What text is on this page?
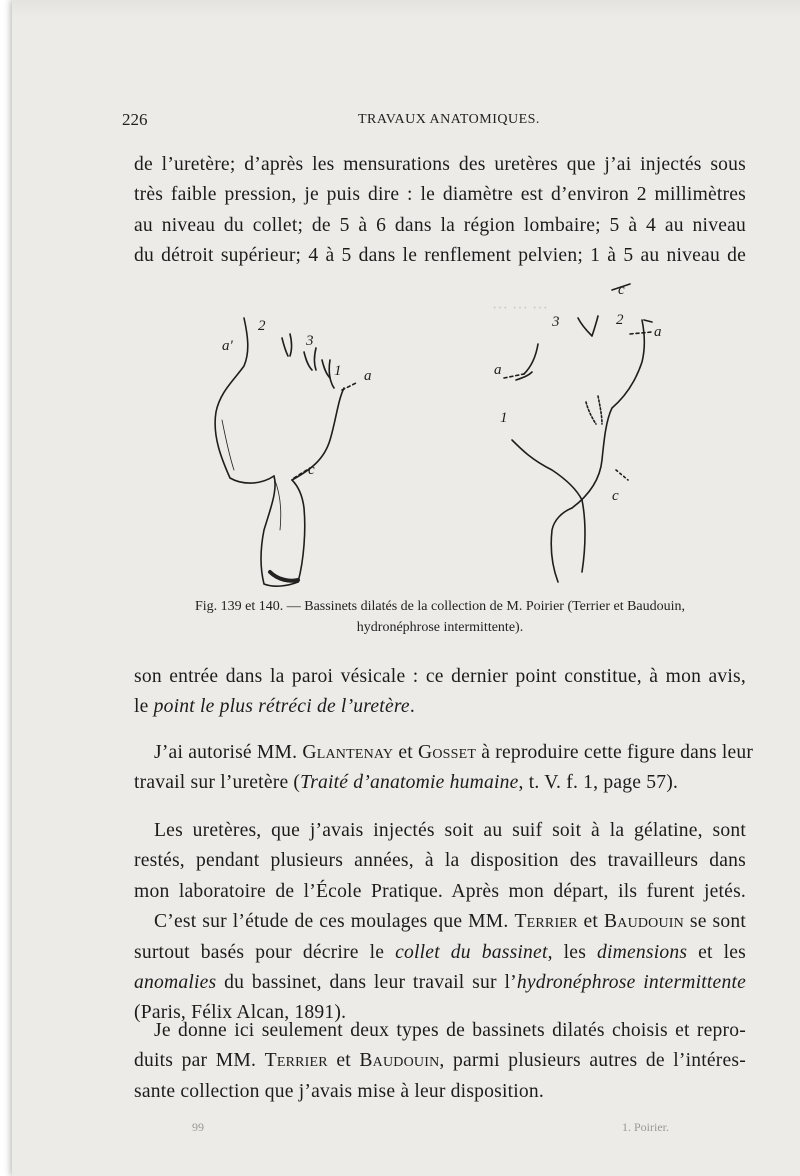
··· ··· ···
226	TRAVAUX ANATOMIQUES.
de l’uretère; d’après les mensurations des uretères que j’ai injectés sous
très faible pression, je puis dire : le diamètre est d’environ 2 millimètres
au niveau du collet; de 5 à 6 dans la région lombaire; 5 à 4 au niveau
du détroit supérieur; 4 à 5 dans le renflement pelvien; 1 à 5 au niveau de
a'
2
3
1 a
c
3	2
a
a
1
c
c
Fig. 139 et 140. — Bassinets dilatés de la collection de M. Poirier (Terrier et Baudouin,
hydronéphrose intermittente).
son entrée dans la paroi vésicale : ce dernier point constitue, à mon avis,
le point le plus rétréci de l’uretère.
J’ai autorisé MM. Glantenay et Gosset à reproduire cette figure dans leur
travail sur l’uretère (Traité d’anatomie humaine, t. V. f. 1, page 57).
Les uretères, que j’avais injectés soit au suif soit à la gélatine, sont
restés, pendant plusieurs années, à la disposition des travailleurs dans
mon laboratoire de l’École Pratique. Après mon départ, ils furent jetés.
C’est sur l’étude de ces moulages que MM. Terrier et Baudouin se sont
surtout basés pour décrire le collet du bassinet, les dimensions et les
anomalies du bassinet, dans leur travail sur l’hydronéphrose intermittente
(Paris, Félix Alcan, 1891).
Je donne ici seulement deux types de bassinets dilatés choisis et repro-
duits par MM. Terrier et Baudouin, parmi plusieurs autres de l’intéres-
sante collection que j’avais mise à leur disposition.
99	1. Poirier.
